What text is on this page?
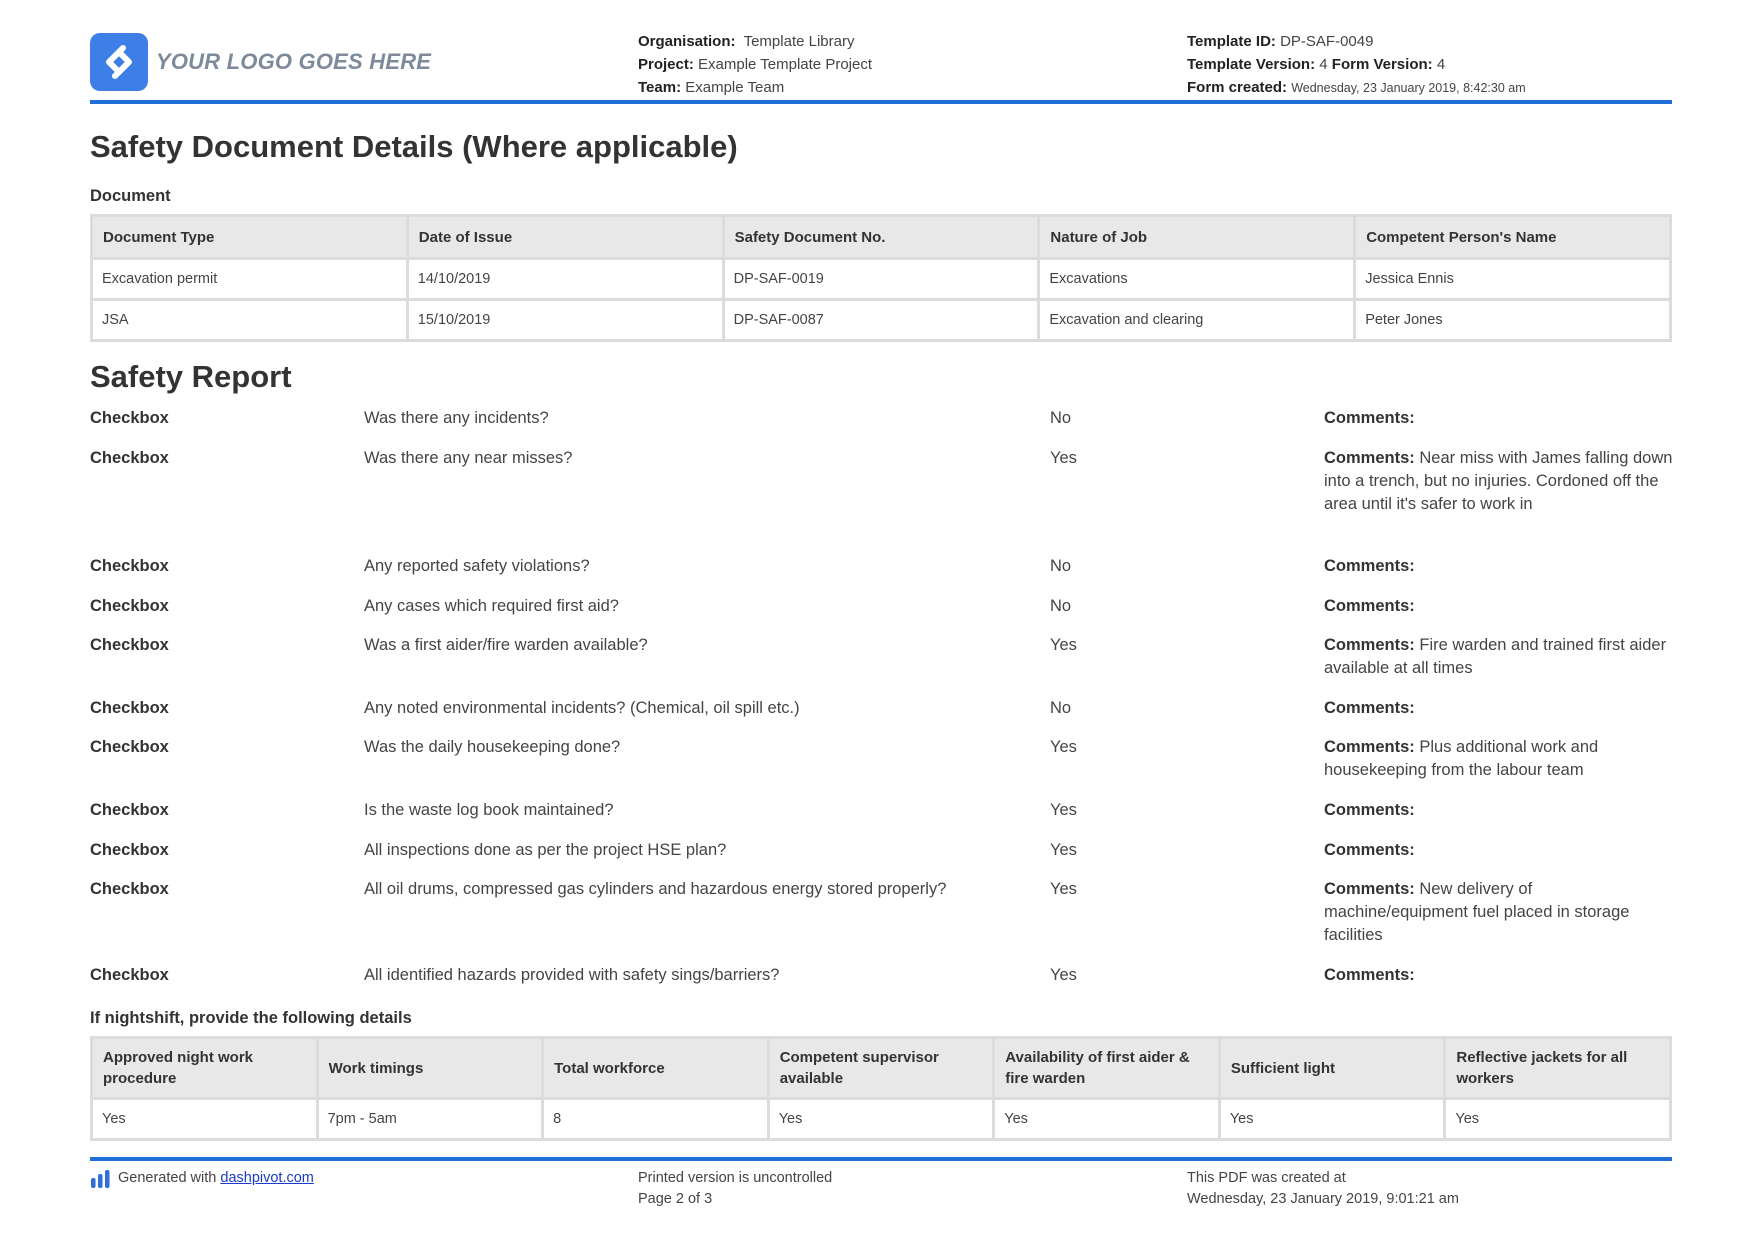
YOUR LOGO GOES HERE
Organisation: Template Library
Project: Example Template Project
Team: Example Team
Template ID: DP-SAF-0049
Template Version: 4 Form Version: 4
Form created: Wednesday, 23 January 2019, 8:42:30 am
Safety Document Details (Where applicable)
Document
Document Type	Date of Issue	Safety Document No.	Nature of Job	Competent Person's Name
Excavation permit	14/10/2019	DP-SAF-0019	Excavations	Jessica Ennis
JSA	15/10/2019	DP-SAF-0087	Excavation and clearing	Peter Jones
Safety Report
Checkbox	Was there any incidents?	No	Comments:
Checkbox	Was there any near misses?	Yes	Comments: Near miss with James falling down into a trench, but no injuries. Cordoned off the area until it's safer to work in
Checkbox	Any reported safety violations?	No	Comments:
Checkbox	Any cases which required first aid?	No	Comments:
Checkbox	Was a first aider/fire warden available?	Yes	Comments: Fire warden and trained first aider available at all times
Checkbox	Any noted environmental incidents? (Chemical, oil spill etc.)	No	Comments:
Checkbox	Was the daily housekeeping done?	Yes	Comments: Plus additional work and housekeeping from the labour team
Checkbox	Is the waste log book maintained?	Yes	Comments:
Checkbox	All inspections done as per the project HSE plan?	Yes	Comments:
Checkbox	All oil drums, compressed gas cylinders and hazardous energy stored properly?	Yes	Comments: New delivery of machine/equipment fuel placed in storage facilities
Checkbox	All identified hazards provided with safety sings/barriers?	Yes	Comments:
If nightshift, provide the following details
Approved night work procedure	Work timings	Total workforce	Competent supervisor available	Availability of first aider & fire warden	Sufficient light	Reflective jackets for all workers
Yes	7pm - 5am	8	Yes	Yes	Yes	Yes
Generated with
dashpivot.com	Printed version is uncontrolled
Page 2 of 3
This PDF was created at
Wednesday, 23 January 2019, 9:01:21 am
